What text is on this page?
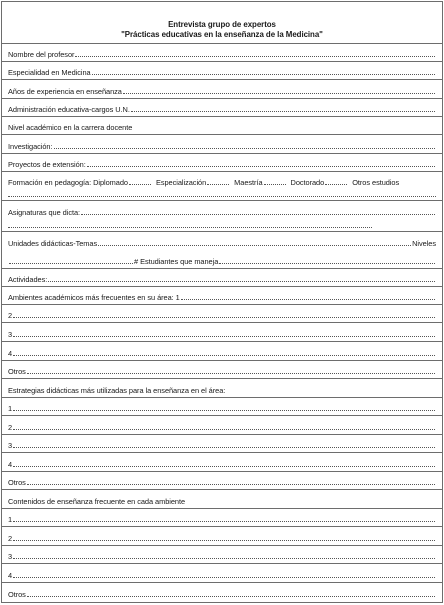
Entrevista grupo de expertos
"Prácticas educativas en la enseñanza de la Medicina"
Nombre del profesor
Especialidad en Medicina
Años de experiencia en enseñanza
Administración educativa-cargos U.N.
Nivel académico en la carrera docente
Investigación:
Proyectos de extensión:
Formación en pedagogía: Diplomado	Especialización	Maestría	Doctorado	Otros estudios
Asignaturas que dicta:
Unidades didácticas-Temas	Niveles
# Estudiantes que maneja
Actividades:
Ambientes académicos más frecuentes en su área: 1
2
3
4
Otros
Estrategias didácticas más utilizadas para la enseñanza en el área:
1
2
3
4
Otros
Contenidos de enseñanza frecuente en cada ambiente
1
2
3
4
Otros
